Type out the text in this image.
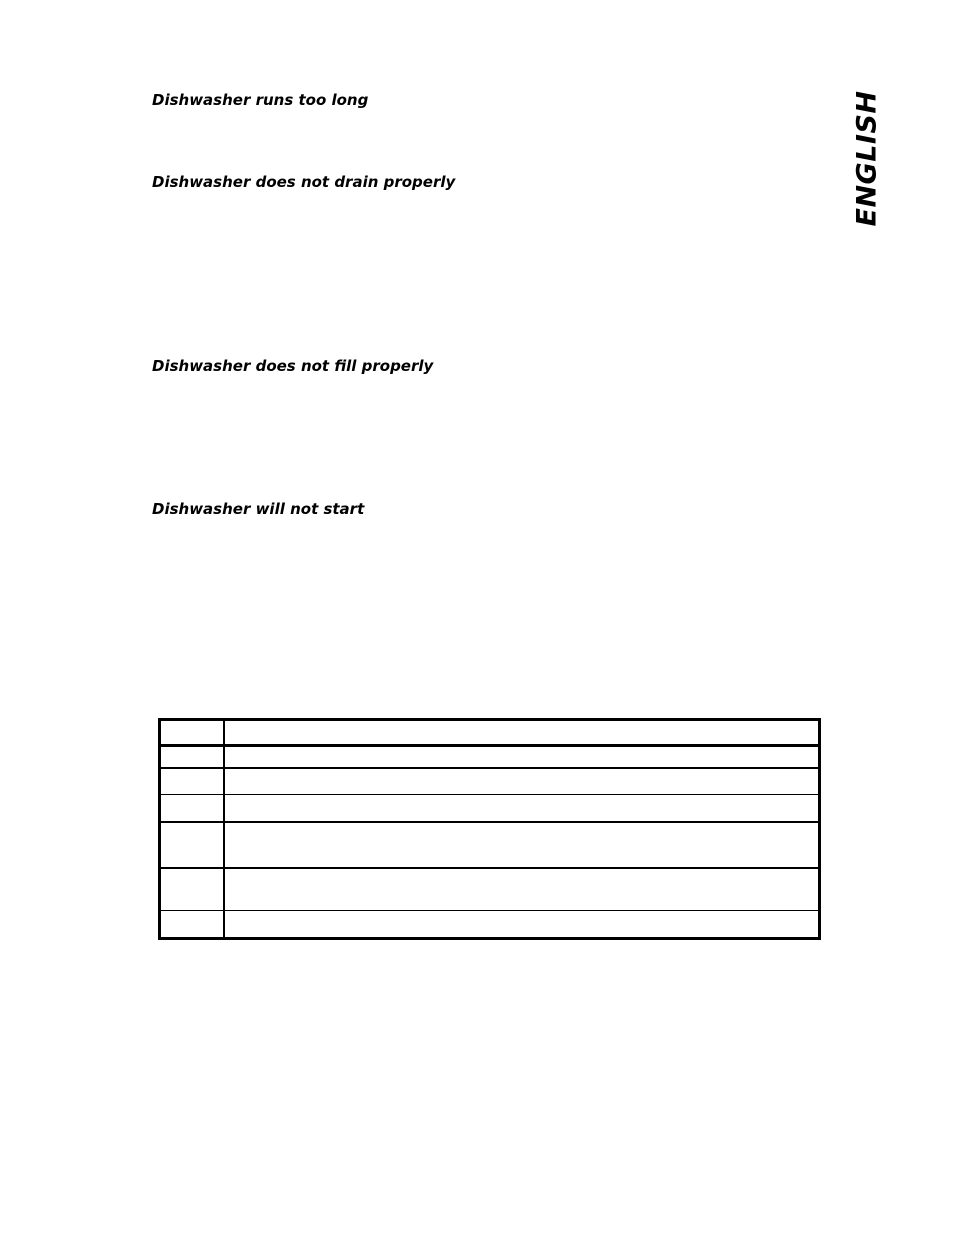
ENGLISH
Dishwasher runs too long
Dishwasher does not drain properly
Dishwasher does not fill properly
Dishwasher will not start
